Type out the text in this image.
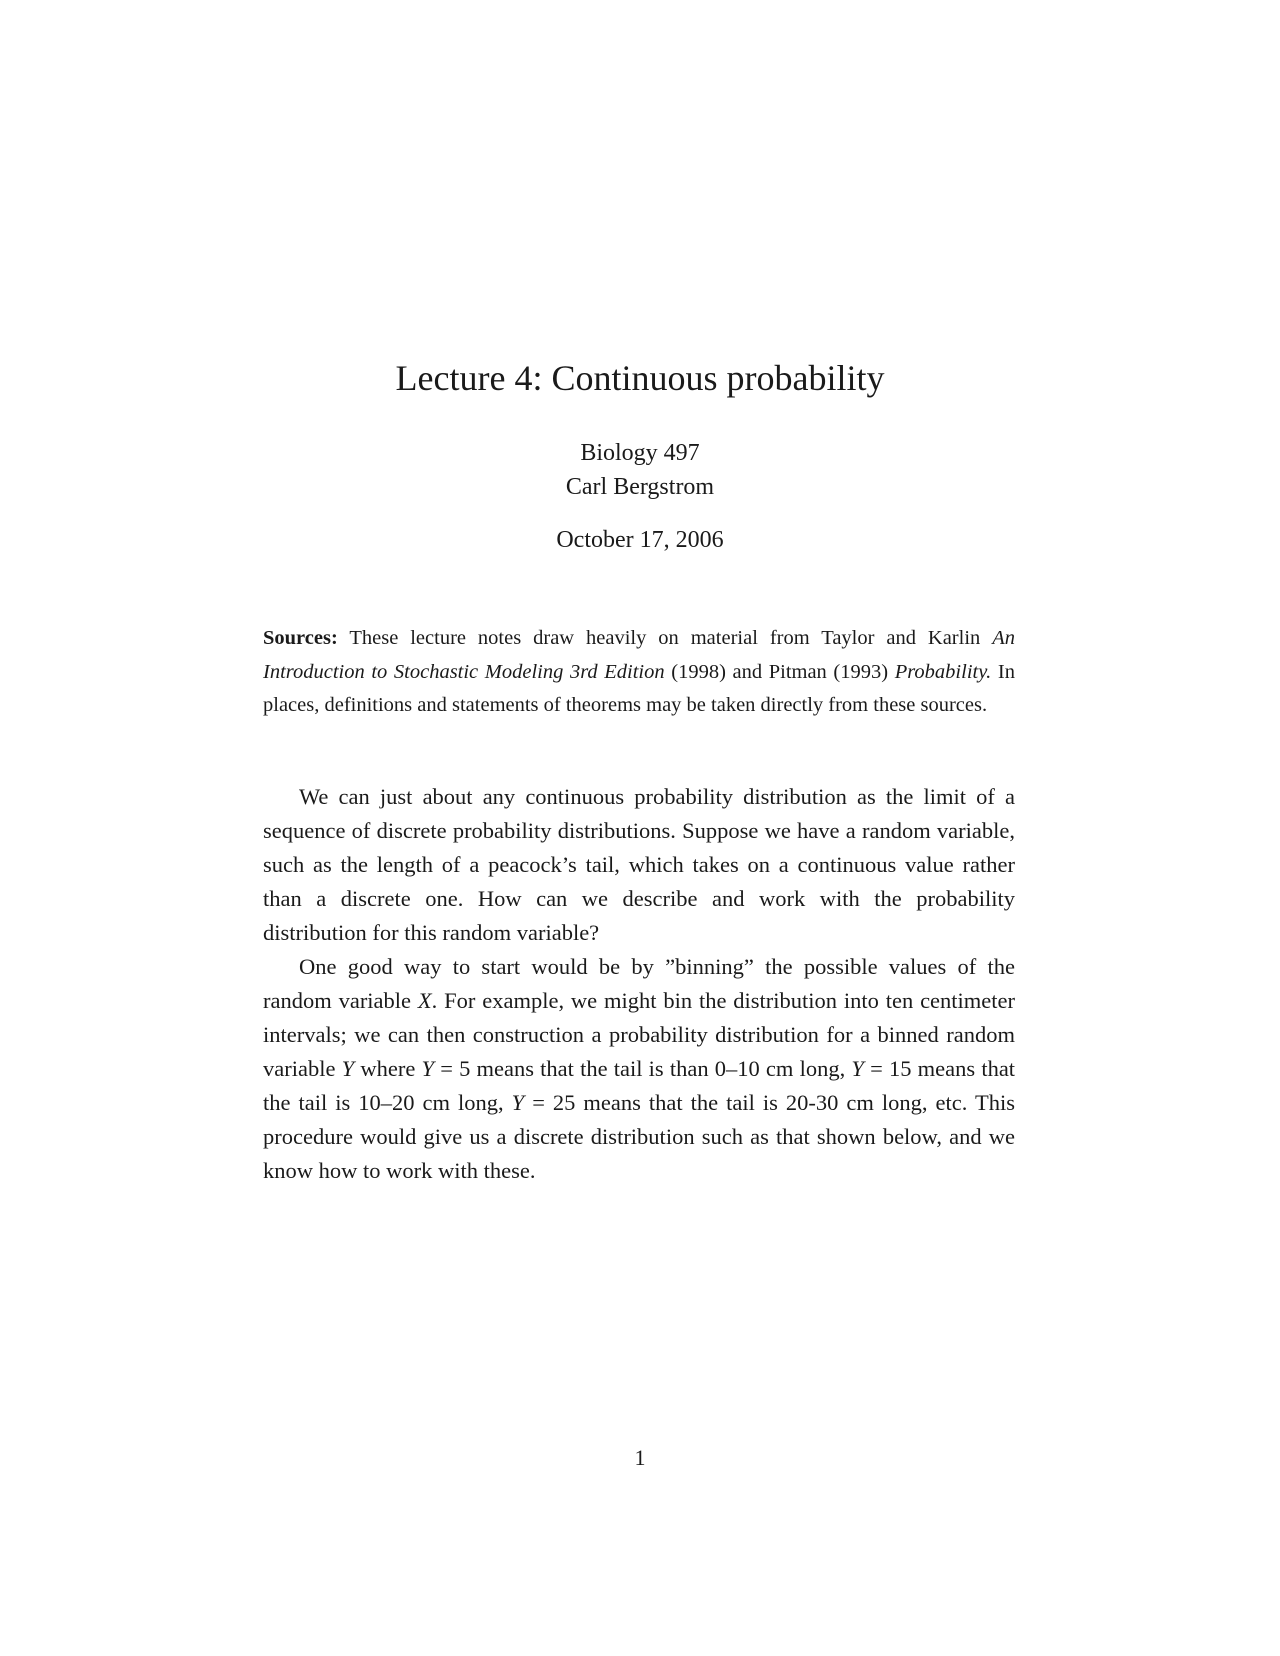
Lecture 4: Continuous probability
Biology 497
Carl Bergstrom
October 17, 2006
Sources: These lecture notes draw heavily on material from Taylor and Karlin An Introduction to Stochastic Modeling 3rd Edition (1998) and Pitman (1993) Probability. In places, definitions and statements of theorems may be taken directly from these sources.

We can just about any continuous probability distribution as the limit of a sequence of discrete probability distributions. Suppose we have a random variable, such as the length of a peacock’s tail, which takes on a continuous value rather than a discrete one. How can we describe and work with the probability distribution for this random variable?

One good way to start would be by ”binning” the possible values of the random variable X. For example, we might bin the distribution into ten centimeter intervals; we can then construction a probability distribution for a binned random variable Y where Y = 5 means that the tail is than 0–10 cm long, Y = 15 means that the tail is 10–20 cm long, Y = 25 means that the tail is 20-30 cm long, etc. This procedure would give us a discrete distribution such as that shown below, and we know how to work with these.

1
